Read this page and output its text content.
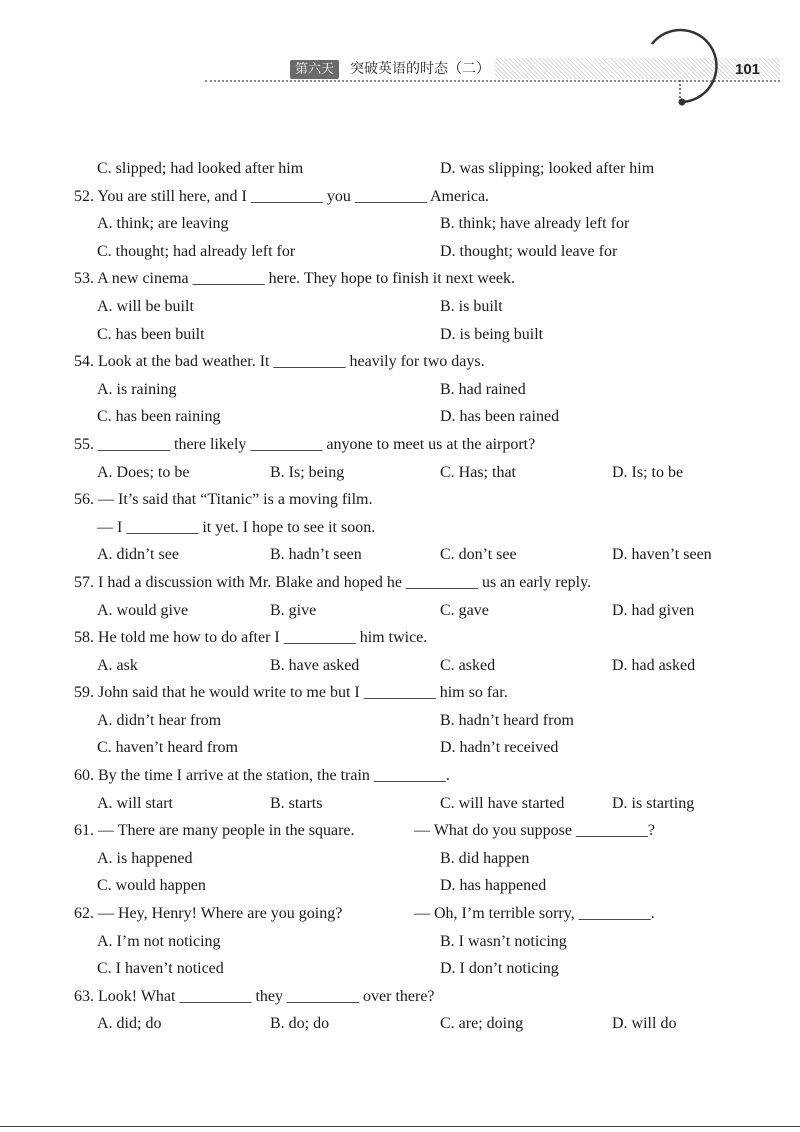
第六天	突破英语的时态（二）	101
C. slipped; had looked after him	D. was slipping; looked after him
52. You are still here, and I _________ you _________ America.
A. think; are leaving	B. think; have already left for
C. thought; had already left for	D. thought; would leave for
53. A new cinema _________ here. They hope to finish it next week.
A. will be built	B. is built
C. has been built	D. is being built
54. Look at the bad weather. It _________ heavily for two days.
A. is raining	B. had rained
C. has been raining	D. has been rained
55. _________ there likely _________ anyone to meet us at the airport?
A. Does; to be	B. Is; being	C. Has; that	D. Is; to be
56. — It’s said that “Titanic” is a moving film.
— I _________ it yet. I hope to see it soon.
A. didn’t see	B. hadn’t seen	C. don’t see	D. haven’t seen
57. I had a discussion with Mr. Blake and hoped he _________ us an early reply.
A. would give	B. give	C. gave	D. had given
58. He told me how to do after I _________ him twice.
A. ask	B. have asked	C. asked	D. had asked
59. John said that he would write to me but I _________ him so far.
A. didn’t hear from	B. hadn’t heard from
C. haven’t heard from	D. hadn’t received
60. By the time I arrive at the station, the train _________.
A. will start	B. starts	C. will have started	D. is starting
61. — There are many people in the square.	— What do you suppose _________?
A. is happened	B. did happen
C. would happen	D. has happened
62. — Hey, Henry! Where are you going?	— Oh, I’m terrible sorry, _________.
A. I’m not noticing	B. I wasn’t noticing
C. I haven’t noticed	D. I don’t noticing
63. Look! What _________ they _________ over there?
A. did; do	B. do; do	C. are; doing	D. will do
